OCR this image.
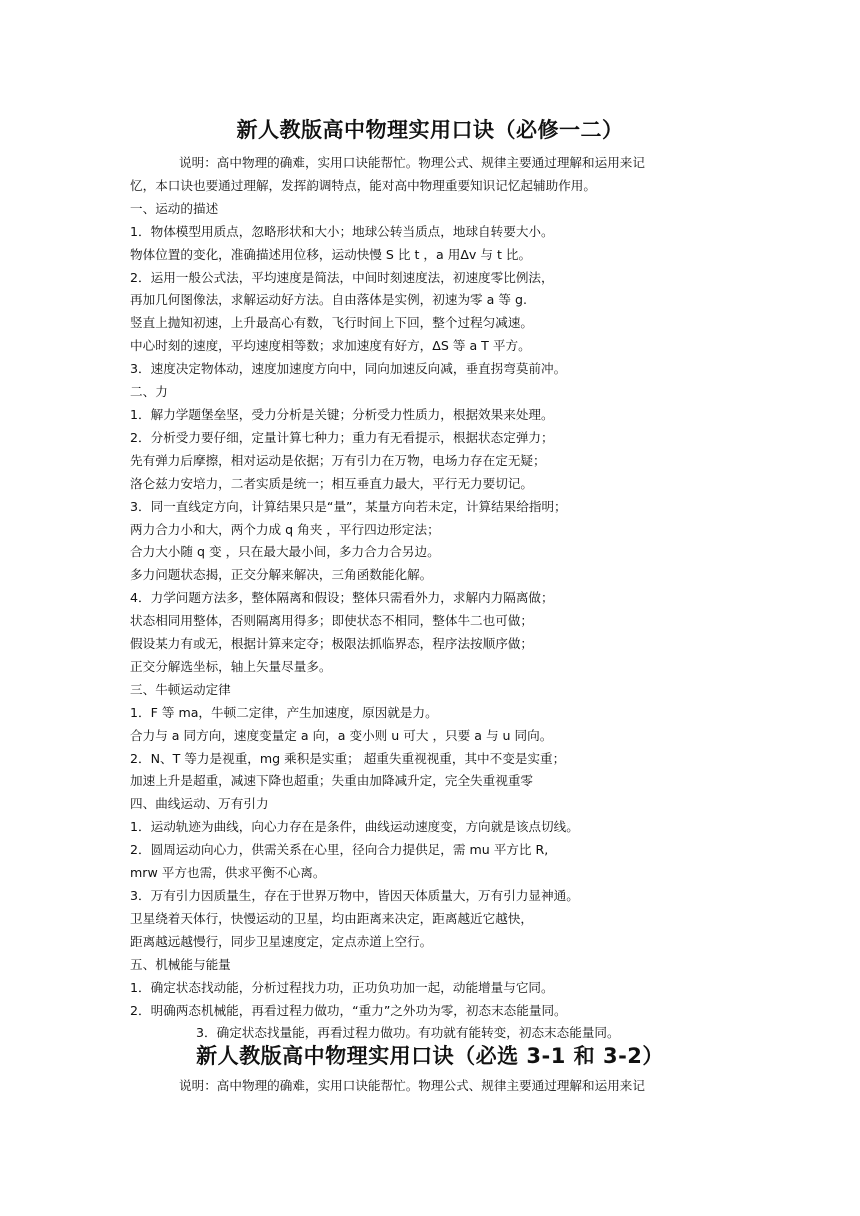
新人教版高中物理实用口诀（必修一二）
说明：高中物理的确难，实用口诀能帮忙。物理公式、规律主要通过理解和运用来记
忆，本口诀也要通过理解，发挥韵调特点，能对高中物理重要知识记忆起辅助作用。
一、运动的描述
1．物体模型用质点，忽略形状和大小；地球公转当质点，地球自转要大小。
物体位置的变化，准确描述用位移，运动快慢 S 比 t ，a 用Δv 与 t 比。
2．运用一般公式法，平均速度是简法，中间时刻速度法，初速度零比例法，
再加几何图像法，求解运动好方法。自由落体是实例，初速为零 a 等 g.
竖直上抛知初速，上升最高心有数，飞行时间上下回，整个过程匀减速。
中心时刻的速度，平均速度相等数；求加速度有好方，ΔS 等 a T 平方。
3．速度决定物体动，速度加速度方向中，同向加速反向减，垂直拐弯莫前冲。
二、力
1．解力学题堡垒坚，受力分析是关键；分析受力性质力，根据效果来处理。
2．分析受力要仔细，定量计算七种力；重力有无看提示，根据状态定弹力；
先有弹力后摩擦，相对运动是依据；万有引力在万物，电场力存在定无疑；
洛仑兹力安培力，二者实质是统一；相互垂直力最大，平行无力要切记。
3．同一直线定方向，计算结果只是“量”，某量方向若未定，计算结果给指明；
两力合力小和大，两个力成 q 角夹 ，平行四边形定法；
合力大小随 q 变 ，只在最大最小间，多力合力合另边。
多力问题状态揭，正交分解来解决，三角函数能化解。
4．力学问题方法多，整体隔离和假设；整体只需看外力，求解内力隔离做；
状态相同用整体，否则隔离用得多；即使状态不相同，整体牛二也可做；
假设某力有或无，根据计算来定夺；极限法抓临界态，程序法按顺序做；
正交分解选坐标，轴上矢量尽量多。
三、牛顿运动定律
1．F 等 ma，牛顿二定律，产生加速度，原因就是力。
合力与 a 同方向，速度变量定 a 向，a 变小则 u 可大 ，只要 a 与 u 同向。
2．N、T 等力是视重，mg 乘积是实重； 超重失重视视重，其中不变是实重；
加速上升是超重，减速下降也超重；失重由加降减升定，完全失重视重零
四、曲线运动、万有引力
1．运动轨迹为曲线，向心力存在是条件，曲线运动速度变，方向就是该点切线。
2．圆周运动向心力，供需关系在心里，径向合力提供足，需 mu 平方比 R,
mrw 平方也需，供求平衡不心离。
3．万有引力因质量生，存在于世界万物中，皆因天体质量大，万有引力显神通。
卫星绕着天体行，快慢运动的卫星，均由距离来决定，距离越近它越快，
距离越远越慢行，同步卫星速度定，定点赤道上空行。
五、机械能与能量
1．确定状态找动能，分析过程找力功，正功负功加一起，动能增量与它同。
2．明确两态机械能，再看过程力做功，“重力”之外功为零，初态末态能量同。
3．确定状态找量能，再看过程力做功。有功就有能转变，初态末态能量同。
新人教版高中物理实用口诀（必选 3-1 和 3-2）
说明：高中物理的确难，实用口诀能帮忙。物理公式、规律主要通过理解和运用来记
